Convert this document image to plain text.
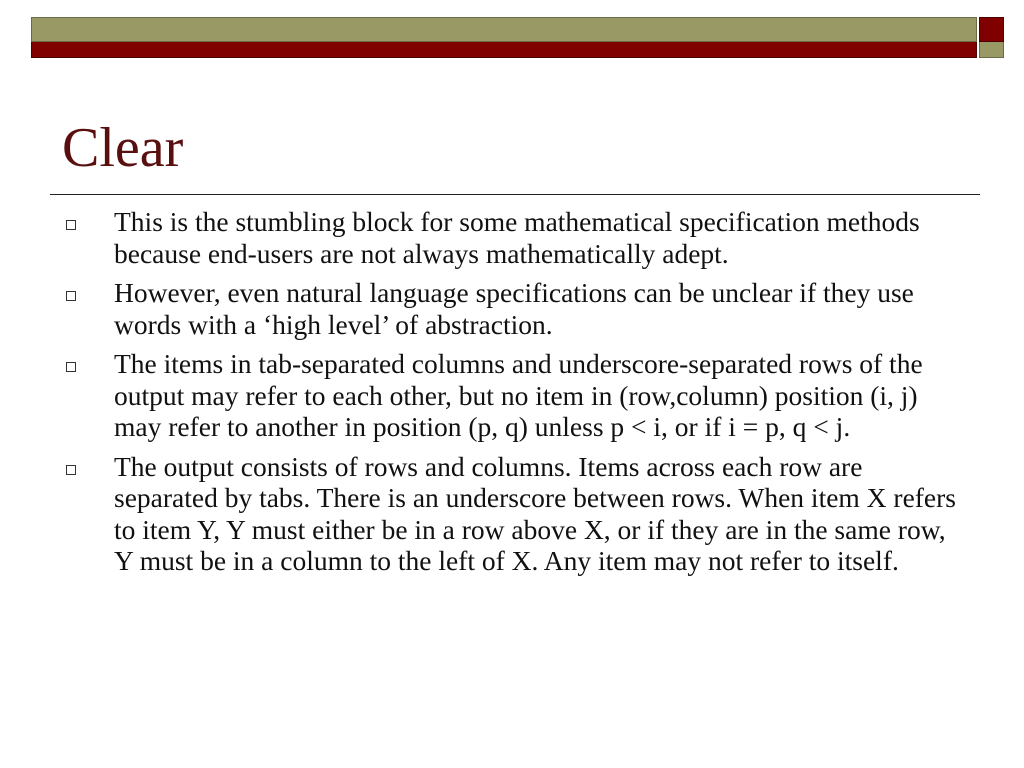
Clear
This is the stumbling block for some mathematical specification methods because end-users are not always mathematically adept.
However, even natural language specifications can be unclear if they use words with a ‘high level’ of abstraction.
The items in tab-separated columns and underscore-separated rows of the output may refer to each other, but no item in (row,column) position (i, j) may refer to another in position (p, q) unless p < i, or if i = p, q < j.
The output consists of rows and columns. Items across each row are separated by tabs. There is an underscore between rows. When item X refers to item Y, Y must either be in a row above X, or if they are in the same row, Y must be in a column to the left of X. Any item may not refer to itself.
